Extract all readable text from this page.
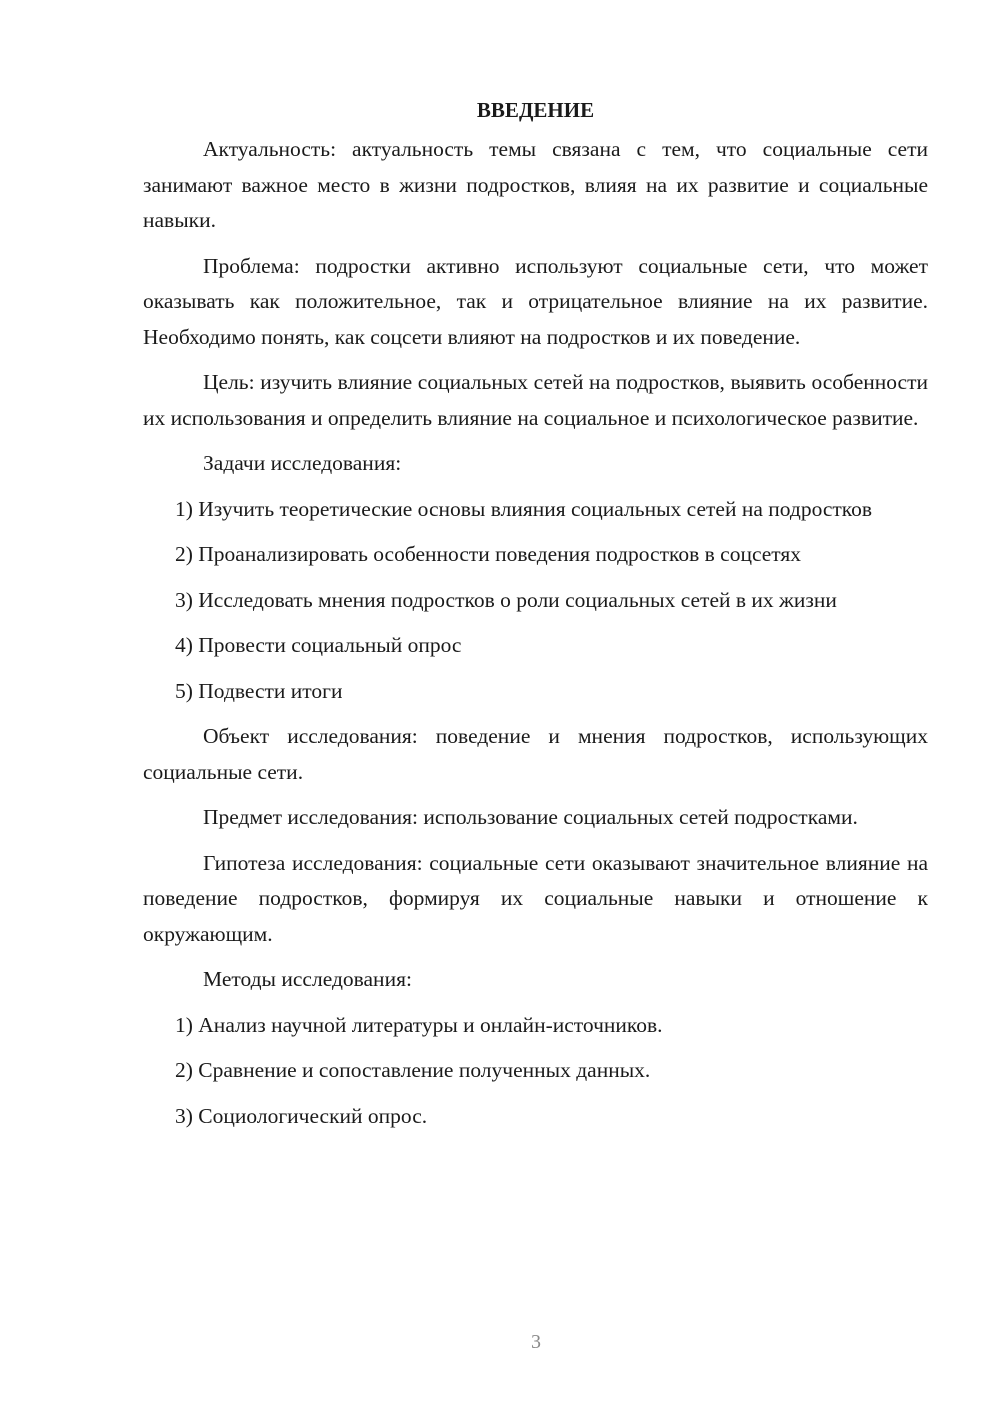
ВВЕДЕНИЕ

Актуальность: актуальность темы связана с тем, что социальные сети занимают важное место в жизни подростков, влияя на их развитие и социальные навыки.

Проблема: подростки активно используют социальные сети, что может оказывать как положительное, так и отрицательное влияние на их развитие. Необходимо понять, как соцсети влияют на подростков и их поведение.

Цель: изучить влияние социальных сетей на подростков, выявить особенности их использования и определить влияние на социальное и психологическое развитие.

Задачи исследования:

1) Изучить теоретические основы влияния социальных сетей на подростков

2) Проанализировать особенности поведения подростков в соцсетях

3) Исследовать мнения подростков о роли социальных сетей в их жизни

4) Провести социальный опрос

5) Подвести итоги

Объект исследования: поведение и мнения подростков, использующих социальные сети.

Предмет исследования: использование социальных сетей подростками.

Гипотеза исследования: социальные сети оказывают значительное влияние на поведение подростков, формируя их социальные навыки и отношение к окружающим.

Методы исследования:

1) Анализ научной литературы и онлайн-источников.

2) Сравнение и сопоставление полученных данных.

3) Социологический опрос.

3
